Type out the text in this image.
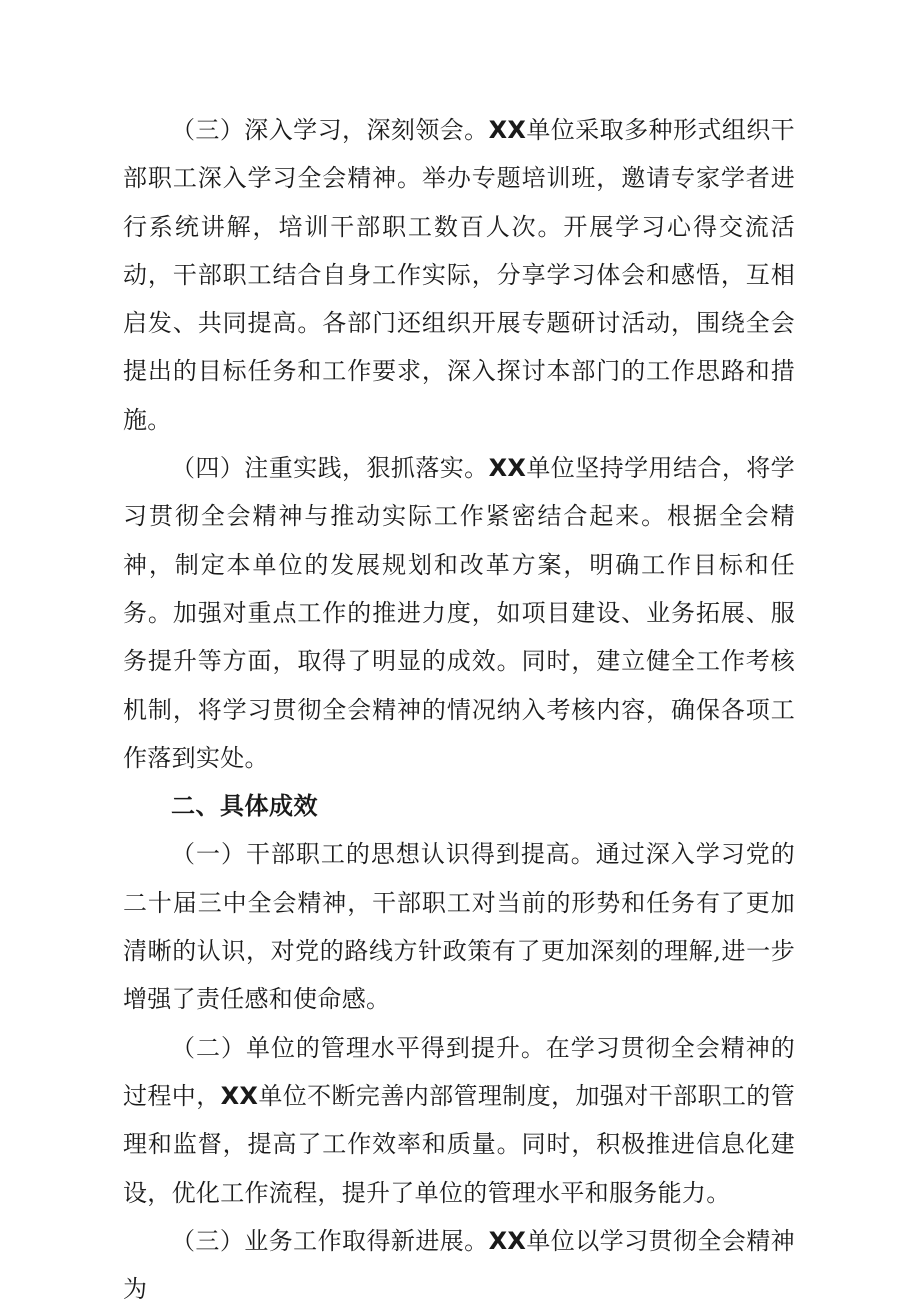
（三）深入学习，深刻领会。XX单位采取多种形式组织干部职工深入学习全会精神。举办专题培训班，邀请专家学者进行系统讲解，培训干部职工数百人次。开展学习心得交流活动，干部职工结合自身工作实际，分享学习体会和感悟，互相启发、共同提高。各部门还组织开展专题研讨活动，围绕全会提出的目标任务和工作要求，深入探讨本部门的工作思路和措施。

（四）注重实践，狠抓落实。XX单位坚持学用结合，将学习贯彻全会精神与推动实际工作紧密结合起来。根据全会精神，制定本单位的发展规划和改革方案，明确工作目标和任务。加强对重点工作的推进力度，如项目建设、业务拓展、服务提升等方面，取得了明显的成效。同时，建立健全工作考核机制，将学习贯彻全会精神的情况纳入考核内容，确保各项工作落到实处。

二、具体成效

（一）干部职工的思想认识得到提高。通过深入学习党的二十届三中全会精神，干部职工对当前的形势和任务有了更加清晰的认识，对党的路线方针政策有了更加深刻的理解,进一步增强了责任感和使命感。

（二）单位的管理水平得到提升。在学习贯彻全会精神的过程中，XX单位不断完善内部管理制度，加强对干部职工的管理和监督，提高了工作效率和质量。同时，积极推进信息化建设，优化工作流程，提升了单位的管理水平和服务能力。

（三）业务工作取得新进展。XX单位以学习贯彻全会精神为
